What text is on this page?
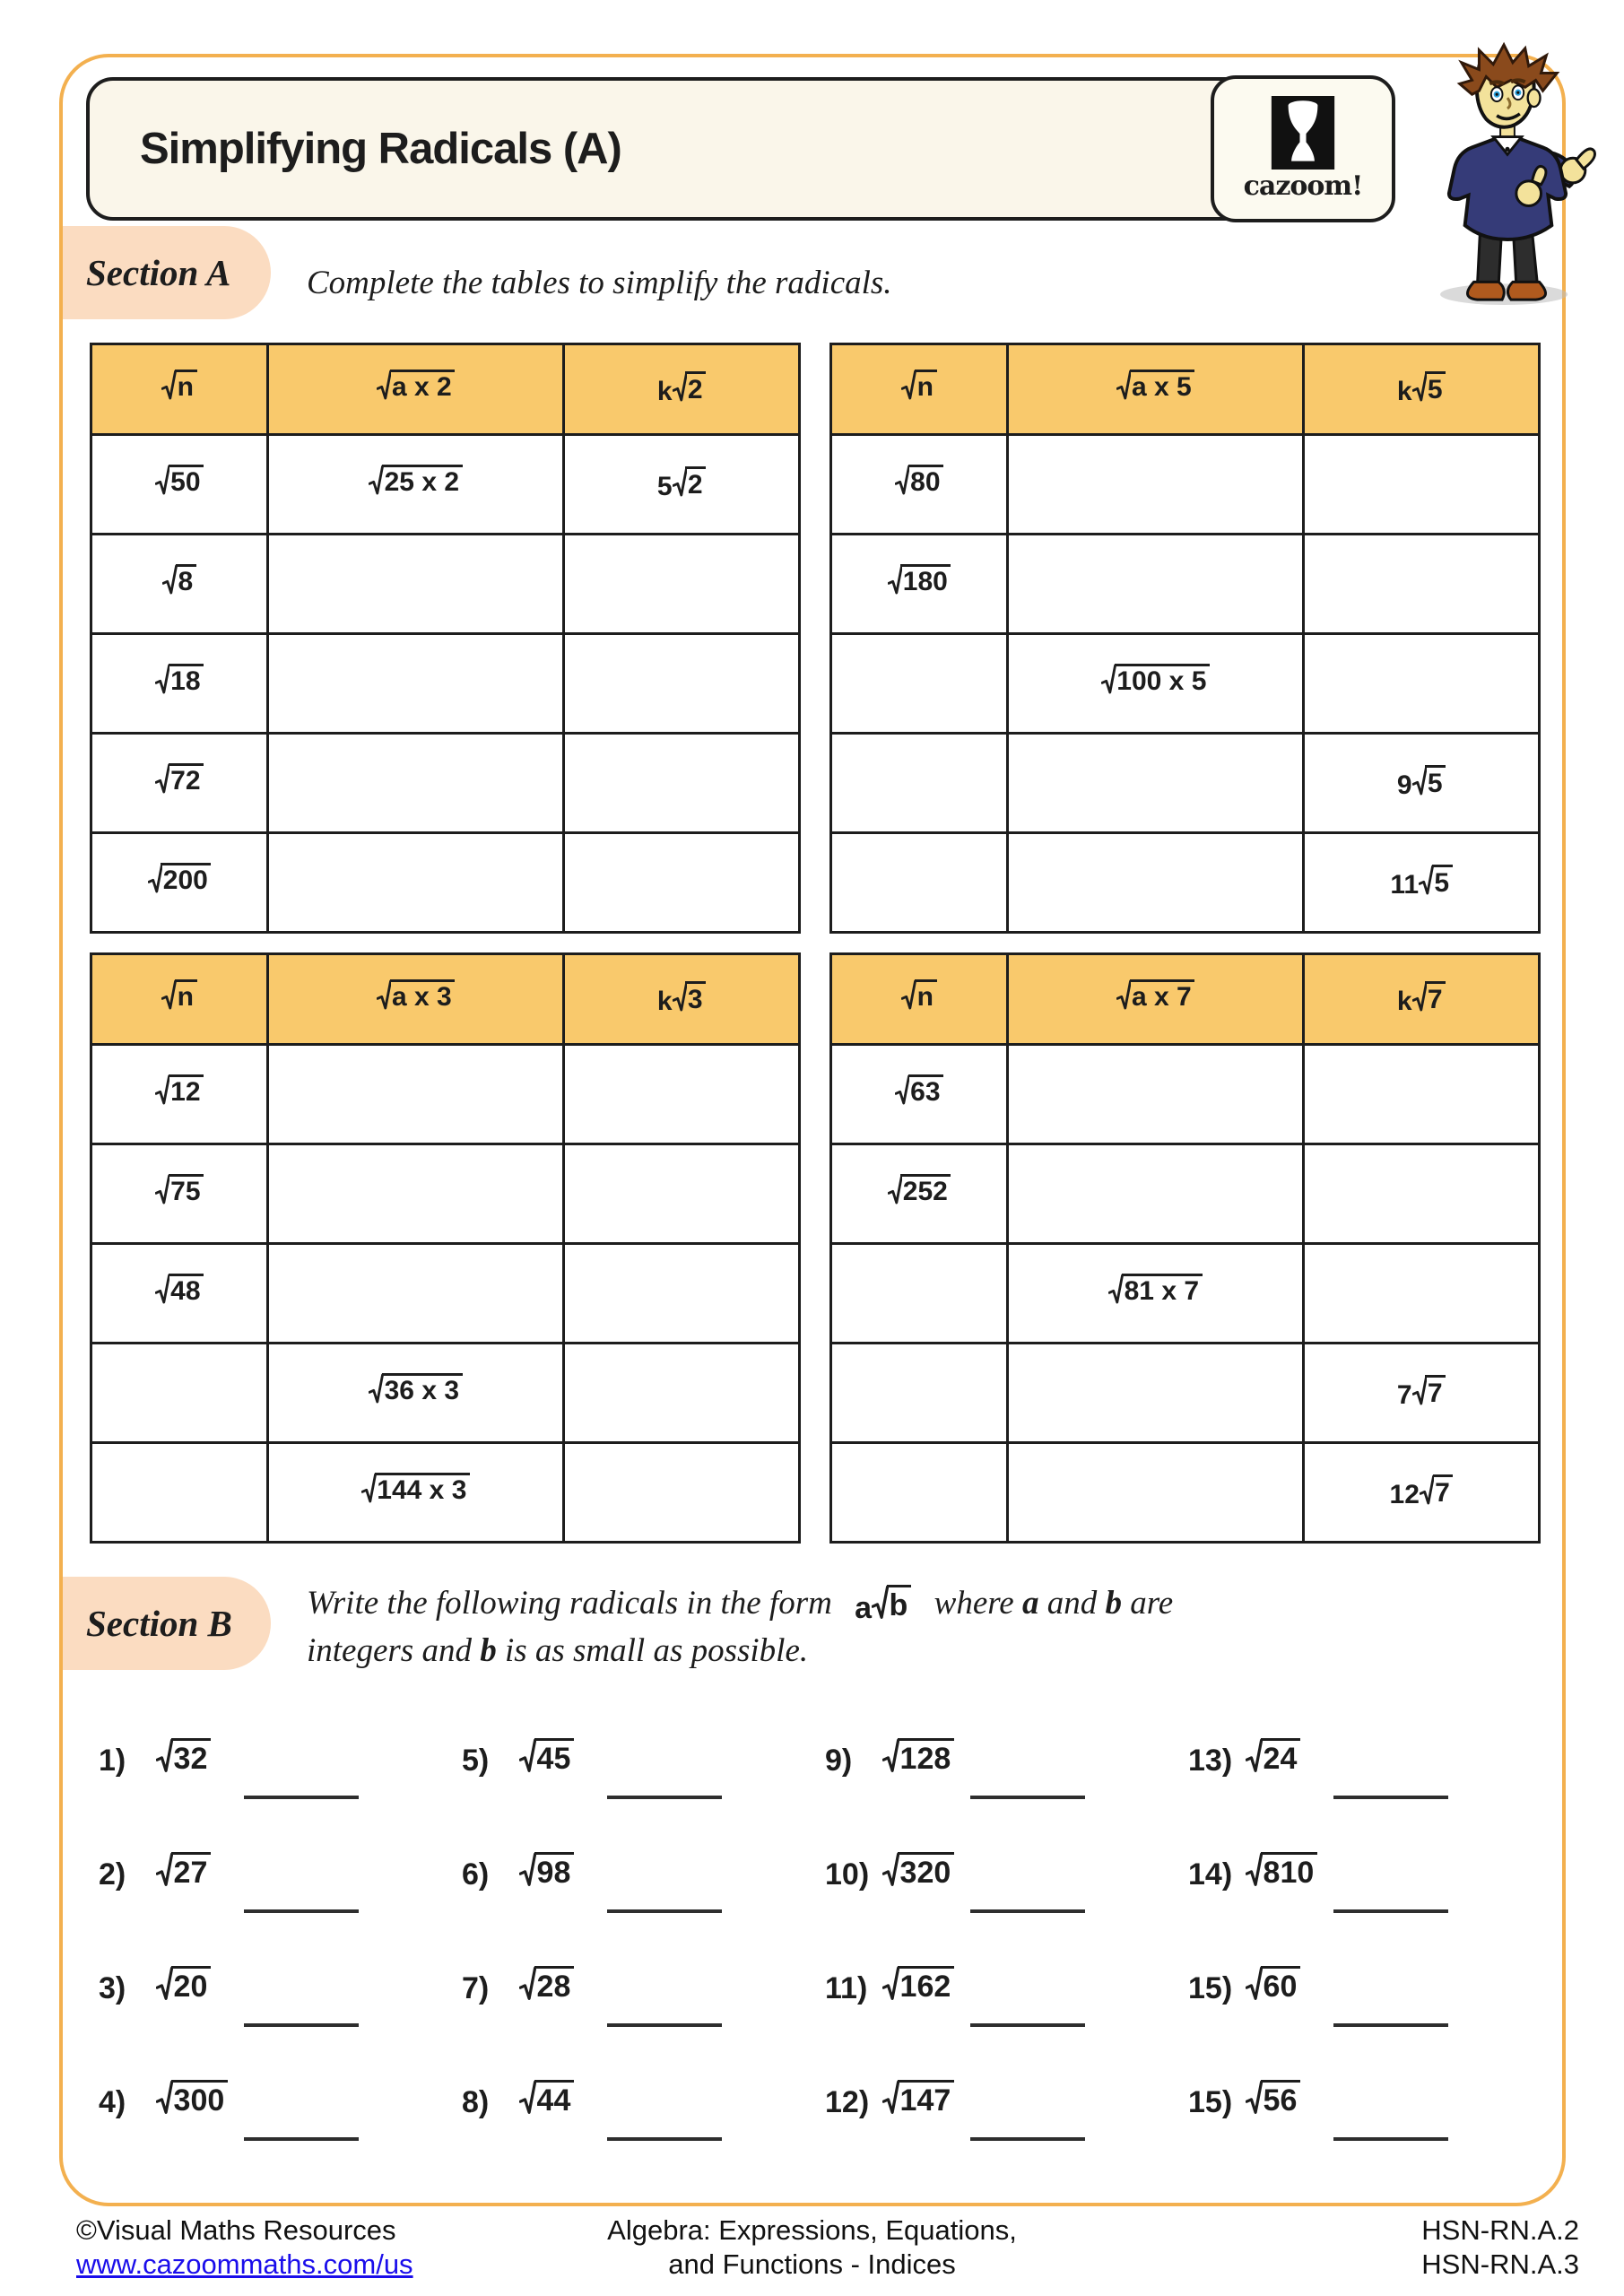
Simplifying Radicals (A)
cazoom!
Section A Complete the tables to simplify the radicals.
n	a x 2	k 2

50	25 x 2	5 2

8		

18		

72		

200		

n	a x 5	k 5

80		

180		

	100 x 5	

		9 5

		11 5
n	a x 3	k 3

12		

75		

48		

	36 x 3	

	144 x 3	

n	a x 7	k 7

63		

252		

	81 x 7	

		7 7

		12 7
Section B Write the following radicals in the form a b where a and b are
integers and b is as small as possible.
1)	32
2)	27
3)	20
4)	300
5)	45
6)	98
7)	28
8)	44
9)	128
10)	320
11)	162
12)	147
13)	24
14)	810
15)	60
15)	56
©Visual Maths Resources
www.cazoommaths.com/us
Algebra: Expressions, Equations,
and Functions - Indices
HSN-RN.A.2
HSN-RN.A.3
